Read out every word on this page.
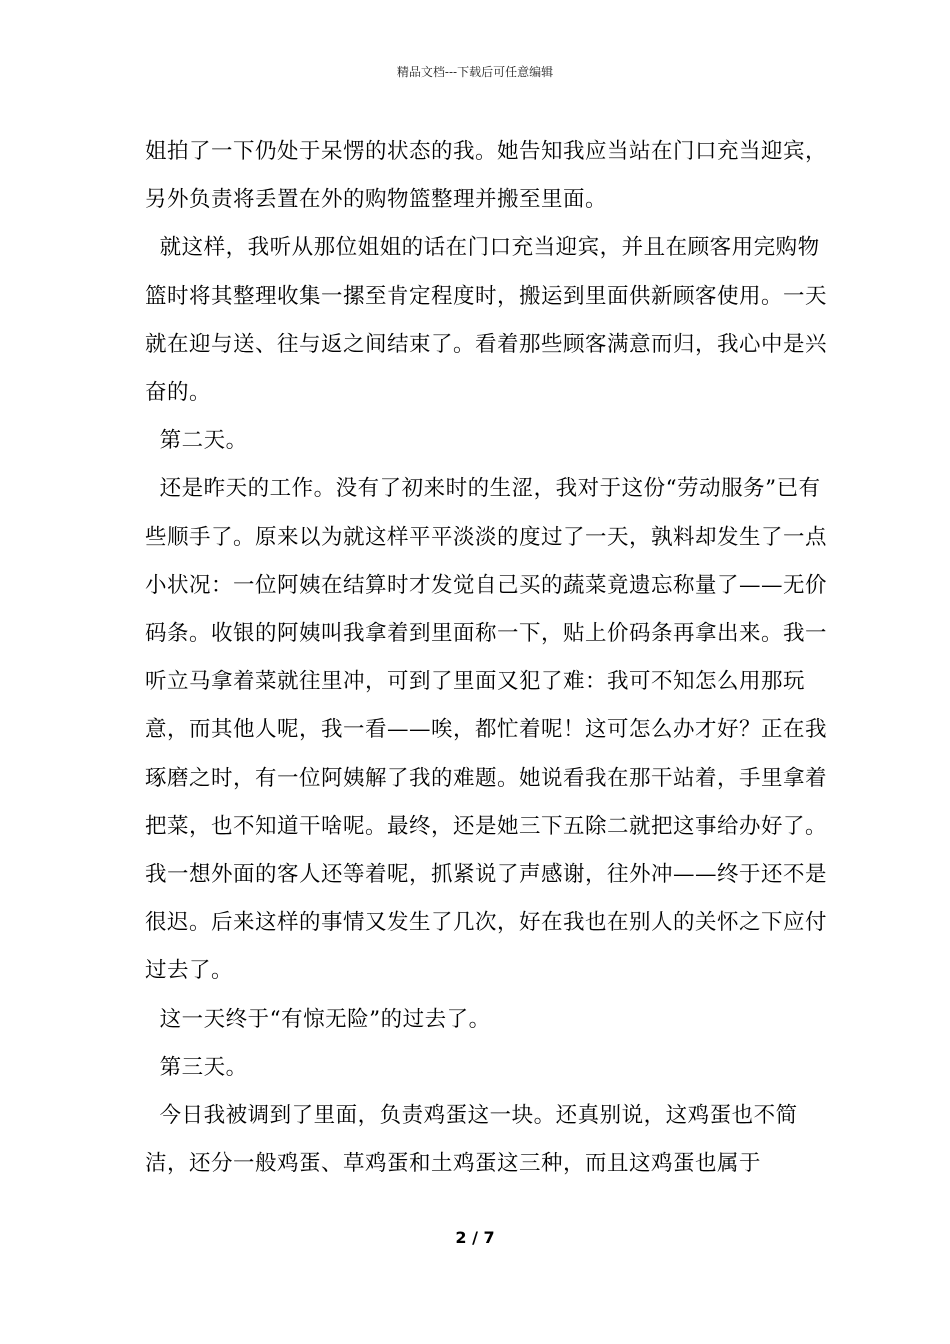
精品文档---下载后可任意编辑

姐拍了一下仍处于呆愣的状态的我。她告知我应当站在门口充当迎宾，另外负责将丢置在外的购物篮整理并搬至里面。

就这样，我听从那位姐姐的话在门口充当迎宾，并且在顾客用完购物篮时将其整理收集一摞至肯定程度时，搬运到里面供新顾客使用。一天就在迎与送、往与返之间结束了。看着那些顾客满意而归，我心中是兴奋的。

第二天。

还是昨天的工作。没有了初来时的生涩，我对于这份“劳动服务”已有些顺手了。原来以为就这样平平淡淡的度过了一天，孰料却发生了一点小状况：一位阿姨在结算时才发觉自己买的蔬菜竟遗忘称量了——无价码条。收银的阿姨叫我拿着到里面称一下，贴上价码条再拿出来。我一听立马拿着菜就往里冲，可到了里面又犯了难：我可不知怎么用那玩意，而其他人呢，我一看——唉，都忙着呢！这可怎么办才好？正在我琢磨之时，有一位阿姨解了我的难题。她说看我在那干站着，手里拿着把菜，也不知道干啥呢。最终，还是她三下五除二就把这事给办好了。我一想外面的客人还等着呢，抓紧说了声感谢，往外冲——终于还不是很迟。后来这样的事情又发生了几次，好在我也在别人的关怀之下应付过去了。

这一天终于“有惊无险”的过去了。

第三天。

今日我被调到了里面，负责鸡蛋这一块。还真别说，这鸡蛋也不简洁，还分一般鸡蛋、草鸡蛋和土鸡蛋这三种，而且这鸡蛋也属于

2 / 7
